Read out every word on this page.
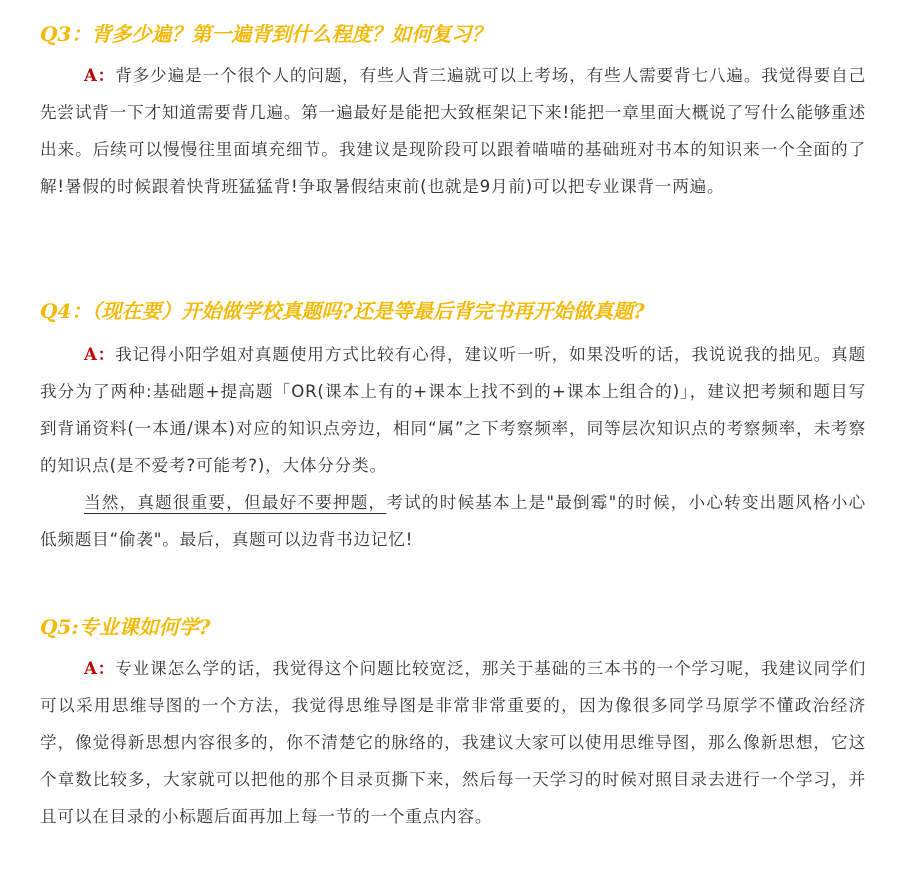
Q3：背多少遍？第一遍背到什么程度？如何复习？

A：背多少遍是一个很个人的问题，有些人背三遍就可以上考场，有些人需要背七八遍。我觉得要自己先尝试背一下才知道需要背几遍。第一遍最好是能把大致框架记下来!能把一章里面大概说了写什么能够重述出来。后续可以慢慢往里面填充细节。我建议是现阶段可以跟着喵喵的基础班对书本的知识来一个全面的了解!暑假的时候跟着快背班猛猛背!争取暑假结束前(也就是9月前)可以把专业课背一两遍。

Q4：（现在要）开始做学校真题吗?还是等最后背完书再开始做真题?

A：我记得小阳学姐对真题使用方式比较有心得，建议听一听，如果没听的话，我说说我的拙见。真题我分为了两种:基础题+提高题「OR(课本上有的+课本上找不到的+课本上组合的)」，建议把考频和题目写到背诵资料(一本通/课本)对应的知识点旁边，相同“属”之下考察频率，同等层次知识点的考察频率，未考察的知识点(是不爱考?可能考?)，大体分分类。

当然，真题很重要，但最好不要押题，考试的时候基本上是"最倒霉"的时候，小心转变出题风格小心低频题目“偷袭"。最后，真题可以边背书边记忆!

Q5:专业课如何学?

A：专业课怎么学的话，我觉得这个问题比较宽泛，那关于基础的三本书的一个学习呢，我建议同学们可以采用思维导图的一个方法，我觉得思维导图是非常非常重要的，因为像很多同学马原学不懂政治经济学，像觉得新思想内容很多的，你不清楚它的脉络的，我建议大家可以使用思维导图，那么像新思想，它这个章数比较多，大家就可以把他的那个目录页撕下来，然后每一天学习的时候对照目录去进行一个学习，并且可以在目录的小标题后面再加上每一节的一个重点内容。
